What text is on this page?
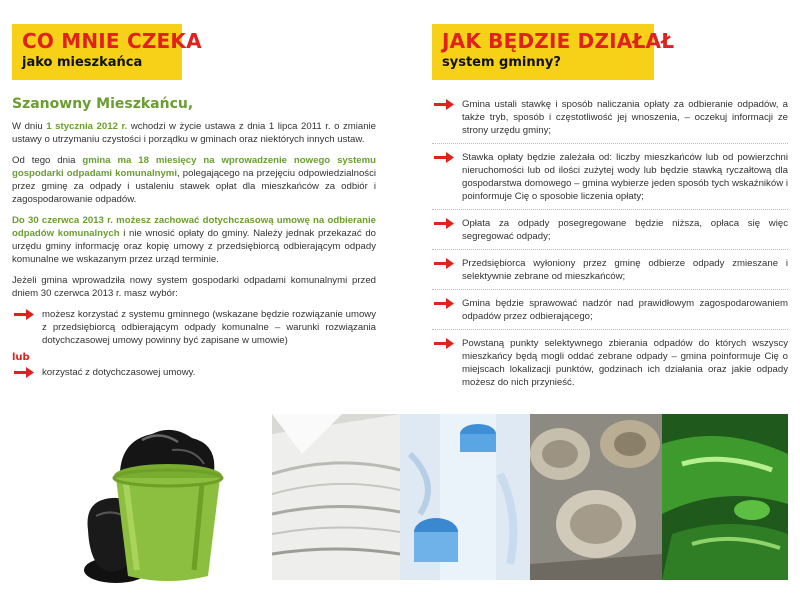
CO MNIE CZEKA
jako mieszkańca
JAK BĘDZIE DZIAŁAŁ
system gminny?
Szanowny Mieszkańcu,

W dniu 1 stycznia 2012 r. wchodzi w życie ustawa z dnia 1 lipca 2011 r. o zmianie ustawy o utrzymaniu czystości i porządku w gminach oraz niektórych innych ustaw.

Od tego dnia gmina ma 18 miesięcy na wprowadzenie nowego systemu gospodarki odpadami komunalnymi, polegającego na przejęciu odpowiedzialności przez gminę za odpady i ustaleniu stawek opłat dla mieszkańców za odbiór i zagospodarowanie odpadów.

Do 30 czerwca 2013 r. możesz zachować dotychczasową umowę na odbieranie odpadów komunalnych i nie wnosić opłaty do gminy. Należy jednak przekazać do urzędu gminy informację oraz kopię umowy z przedsiębiorcą odbierającym odpady komunalne we wskazanym przez urząd terminie.

Jeżeli gmina wprowadziła nowy system gospodarki odpadami komunalnymi przed dniem 30 czerwca 2013 r. masz wybór:

możesz korzystać z systemu gminnego (wskazane będzie rozwiązanie umowy z przedsiębiorcą odbierającym odpady komunalne – warunki rozwiązania dotychczasowej umowy powinny być zapisane w umowie)
lub
korzystać z dotychczasowej umowy.
Gmina ustali stawkę i sposób naliczania opłaty za odbieranie odpadów, a także tryb, sposób i częstotliwość jej wnoszenia, – oczekuj informacji ze strony urzędu gminy;
Stawka opłaty będzie zależała od: liczby mieszkańców lub od powierzchni nieruchomości lub od ilości zużytej wody lub będzie stawką ryczałtową dla gospodarstwa domowego – gmina wybierze jeden sposób tych wskaźników i poinformuje Cię o sposobie liczenia opłaty;
Opłata za odpady posegregowane będzie niższa, opłaca się więc segregować odpady;
Przedsiębiorca wyłoniony przez gminę odbierze odpady zmieszane i selektywnie zebrane od mieszkańców;
Gmina będzie sprawować nadzór nad prawidłowym zagospodarowaniem odpadów przez odbierającego;
Powstaną punkty selektywnego zbierania odpadów do których wszyscy mieszkańcy będą mogli oddać zebrane odpady – gmina poinformuje Cię o miejscach lokalizacji punktów, godzinach ich działania oraz jakie odpady możesz do nich przynieść.
